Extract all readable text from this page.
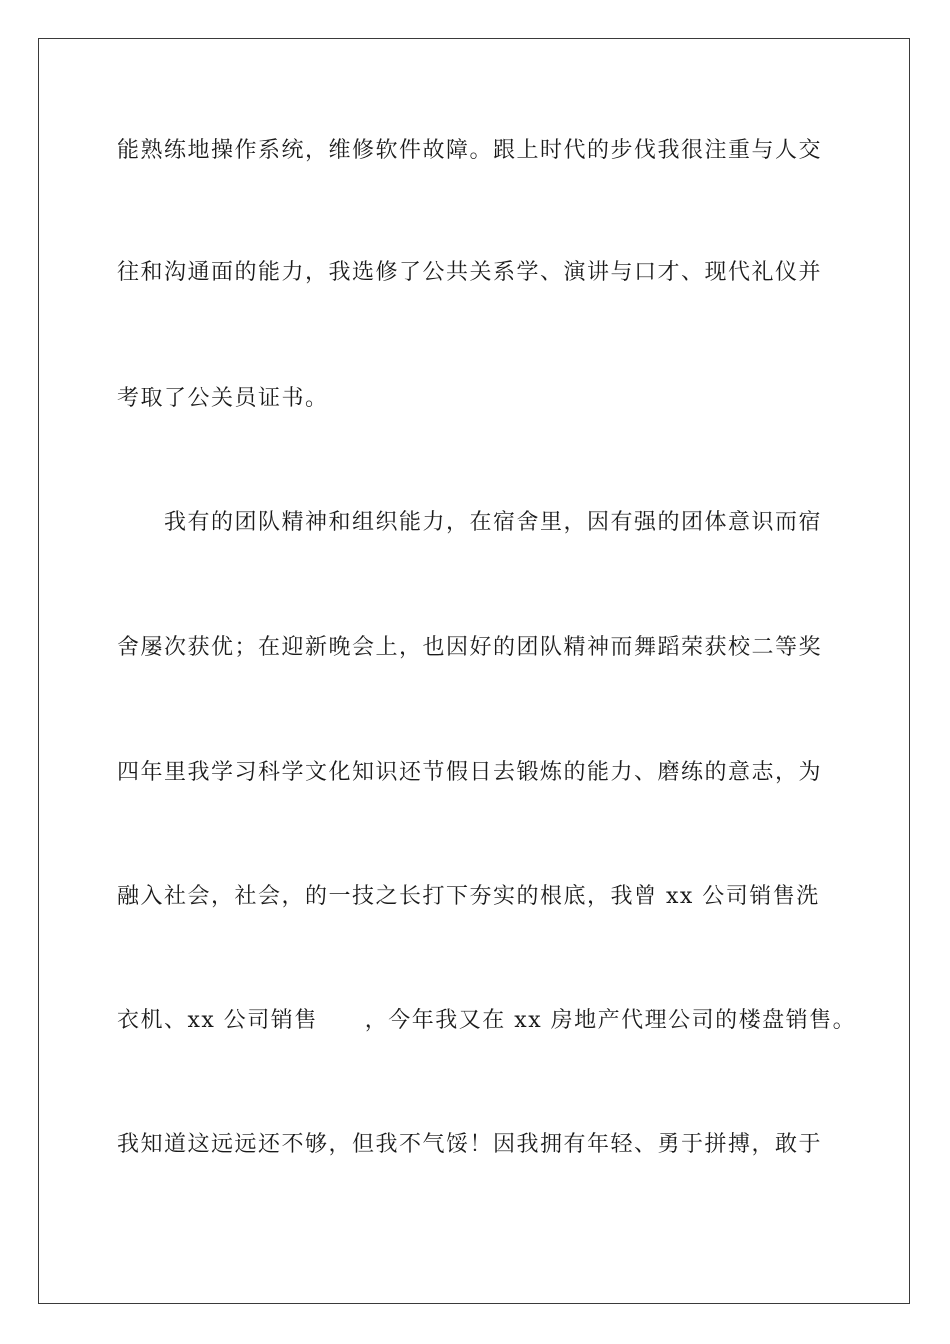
能熟练地操作系统，维修软件故障。跟上时代的步伐我很注重与人交
往和沟通面的能力，我选修了公共关系学、演讲与口才、现代礼仪并
考取了公关员证书。
我有的团队精神和组织能力，在宿舍里，因有强的团体意识而宿
舍屡次获优；在迎新晚会上，也因好的团队精神而舞蹈荣获校二等奖
四年里我学习科学文化知识还节假日去锻炼的能力、磨练的意志，为
融入社会，社会，的一技之长打下夯实的根底，我曾 xx 公司销售洗
衣机、xx 公司销售　　，今年我又在 xx 房地产代理公司的楼盘销售。
我知道这远远还不够，但我不气馁！因我拥有年轻、勇于拼搏，敢于
